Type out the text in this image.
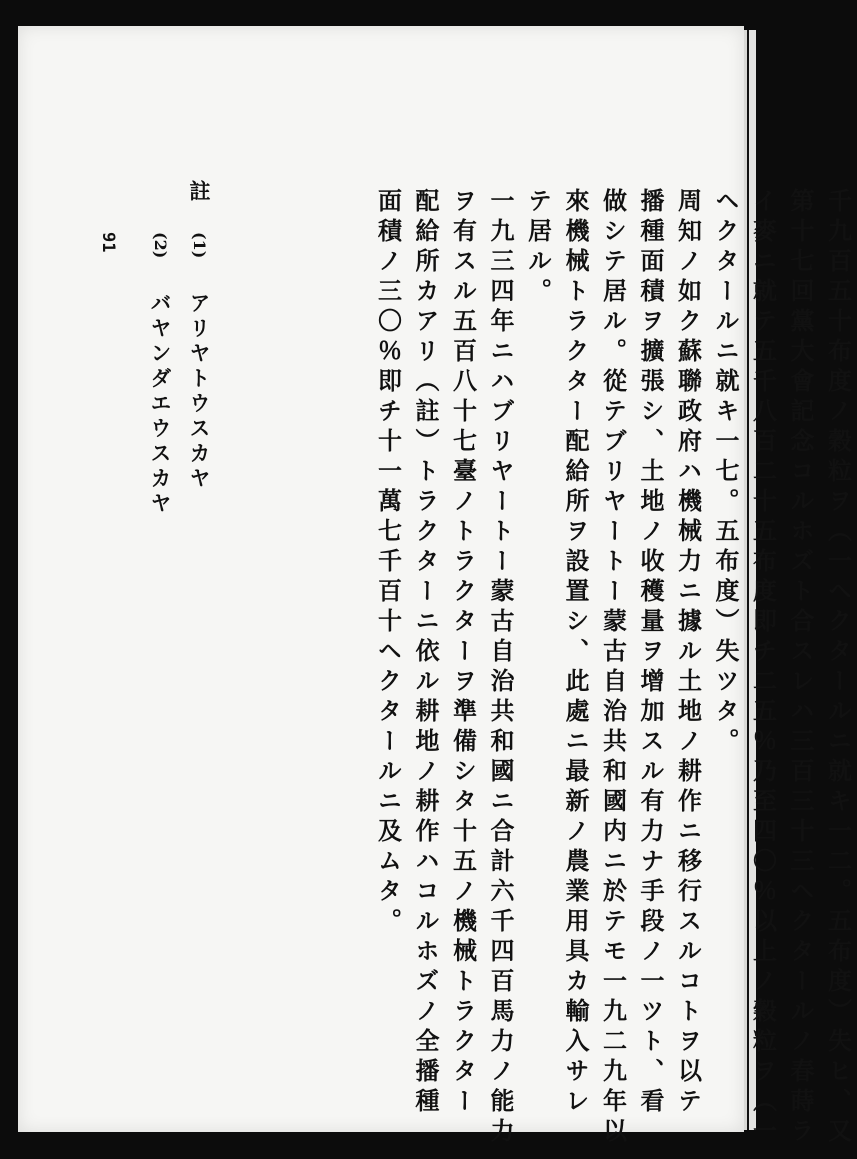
千九百五十布度ノ穀粒ヲ（一ヘクタールニ就キ一二。五布度）失ヒ、又
第十七回黨大會記念コルホズト合スレハ三百三十三ヘクタールノ春蒔ラ
イ麥ニ就テ五千八百二十五布度即チ二五％乃至四〇％以上ノ穀粒ヲ（一
ヘクタールニ就キ一七。五布度）失ツタ。
周知ノ如ク蘇聯政府ハ機械力ニ據ル土地ノ耕作ニ移行スルコトヲ以テ
播種面積ヲ擴張シ、土地ノ收穫量ヲ增加スル有力ナ手段ノ一ツト、看
做シテ居ル。從テブリヤートー蒙古自治共和國内ニ於テモ一九二九年以
來機械トラクター配給所ヲ設置シ、此處ニ最新ノ農業用具カ輸入サレ
テ居ル。
一九三四年ニハブリヤートー蒙古自治共和國ニ合計六千四百馬力ノ能力
ヲ有スル五百八十七臺ノトラクターヲ準備シタ十五ノ機械トラクター
配給所カアリ（註）トラクターニ依ル耕地ノ耕作ハコルホズノ全播種
面積ノ三〇％即チ十一萬七千百十ヘクタールニ及ムタ。
註
(1)
アリヤトウスカヤ
(2)
バヤンダエウスカヤ
91
